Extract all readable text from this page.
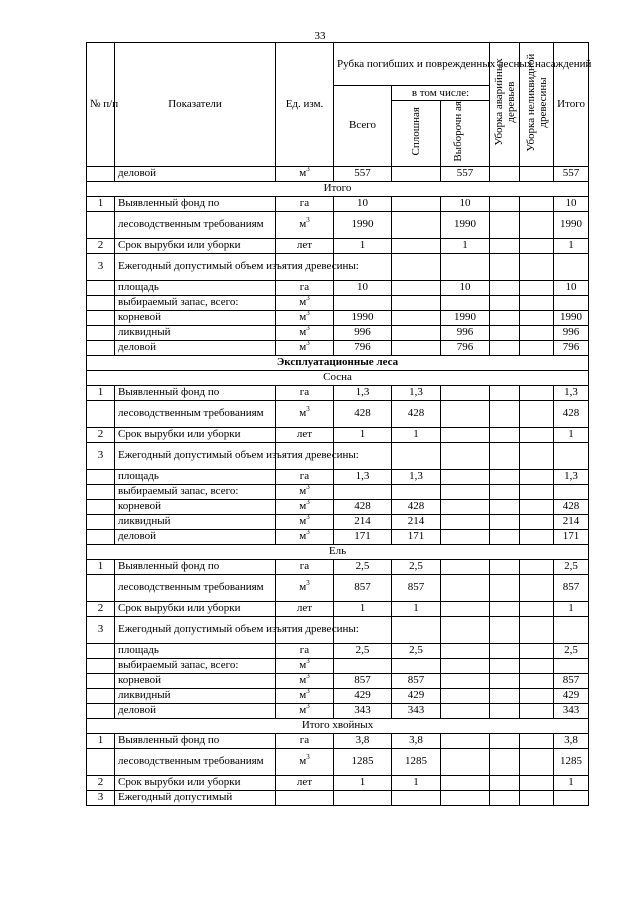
33
№ п/п	Показатели	Ед. изм.	Рубка погибших и поврежденных лесных насаждений			Уборка аварийных деревьев	Уборка неликвидной древесины	Итого
			Всего	в том числе:				
				Сплошная	Выборочн ая			
	деловой	$м^3$	557		557			557
Итого								
1	Выявленный фонд по	га	10		10			10
	лесоводственным требованиям	$м^3$	1990		1990			1990
2	Срок вырубки или уборки	лет	1		1			1
3	Ежегодный допустимый объем изъятия древесины:							
	площадь	га	10		10			10
	выбираемый запас, всего:	$м^3$						
	корневой	$м^3$	1990		1990			1990
	ликвидный	$м^3$	996		996			996
	деловой	$м^3$	796		796			796
Эксплуатационные леса								
Сосна								
1	Выявленный фонд по	га	1,3	1,3				1,3
	лесоводственным требованиям	$м^3$	428	428				428
2	Срок вырубки или уборки	лет	1	1				1
3	Ежегодный допустимый объем изъятия древесины:							
	площадь	га	1,3	1,3				1,3
	выбираемый запас, всего:	$м^3$						
	корневой	$м^3$	428	428				428
	ликвидный	$м^3$	214	214				214
	деловой	$м^3$	171	171				171
Ель								
1	Выявленный фонд по	га	2,5	2,5				2,5
	лесоводственным требованиям	$м^3$	857	857				857
2	Срок вырубки или уборки	лет	1	1				1
3	Ежегодный допустимый объем изъятия древесины:							
	площадь	га	2,5	2,5				2,5
	выбираемый запас, всего:	$м^3$						
	корневой	$м^3$	857	857				857
	ликвидный	$м^3$	429	429				429
	деловой	$м^3$	343	343				343
Итого хвойных								
1	Выявленный фонд по	га	3,8	3,8				3,8
	лесоводственным требованиям	$м^3$	1285	1285				1285
2	Срок вырубки или уборки	лет	1	1				1
3	Ежегодный допустимый							
